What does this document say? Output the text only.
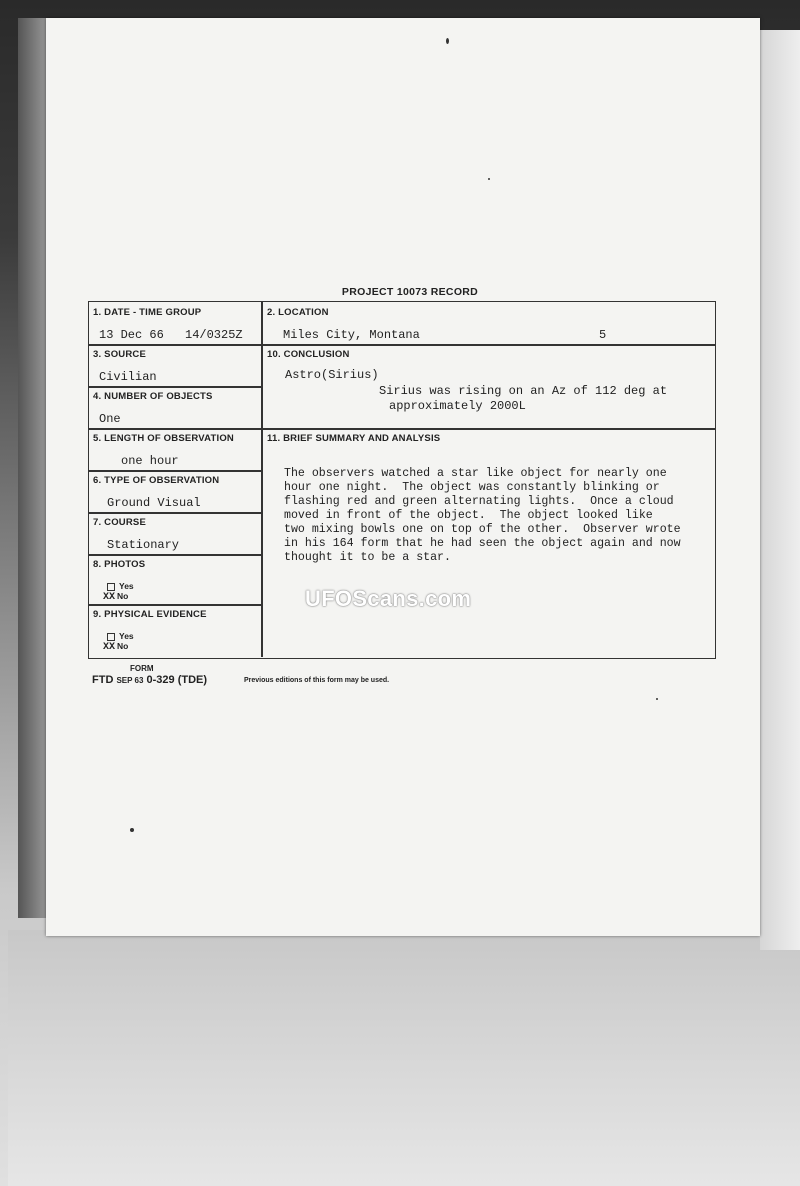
PROJECT 10073 RECORD
1. DATE - TIME GROUP
13 Dec 66 14/0325Z
2. LOCATION
Miles City, Montana	5
3. SOURCE
Civilian
4. NUMBER OF OBJECTS
One
10. CONCLUSION
Astro(Sirius)
Sirius was rising on an Az of 112 deg at
approximately 2000L
5. LENGTH OF OBSERVATION
one hour
11. BRIEF SUMMARY AND ANALYSIS
The observers watched a star like object for nearly one
hour one night.  The object was constantly blinking or
flashing red and green alternating lights.  Once a cloud
moved in front of the object.  The object looked like
two mixing bowls one on top of the other.  Observer wrote
in his 164 form that he had seen the object again and now
thought it to be a star.
6. TYPE OF OBSERVATION
Ground Visual
7. COURSE
Stationary
8. PHOTOS
Yes
XX No
9. PHYSICAL EVIDENCE
Yes
XX No
FORM
FTD SEP 63 0-329 (TDE)	Previous editions of this form may be used.
UFOScans.com
